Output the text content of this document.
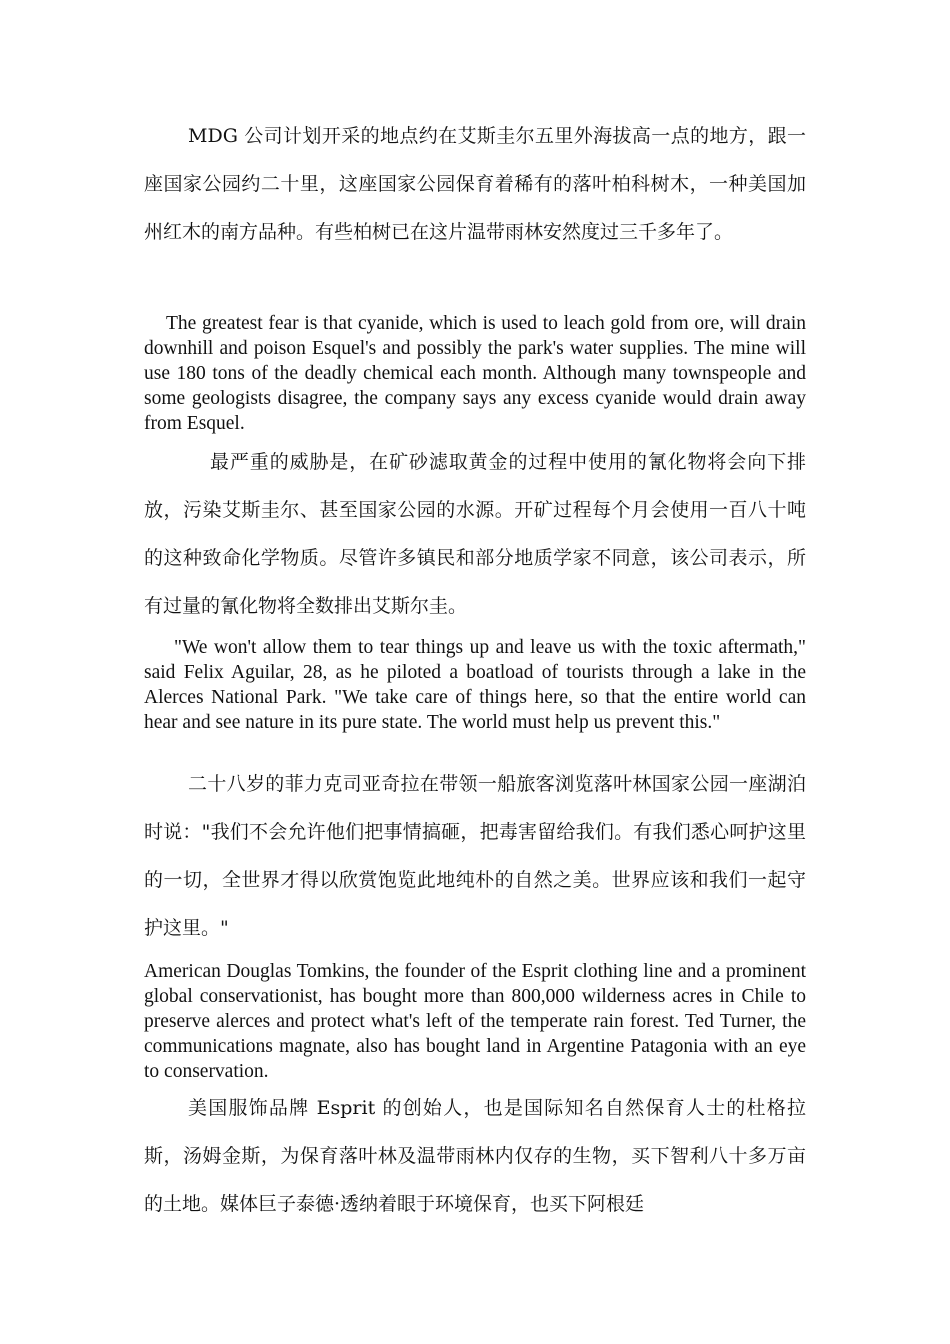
MDG 公司计划开采的地点约在艾斯圭尔五里外海拔高一点的地方，跟一座国家公园约二十里，这座国家公园保育着稀有的落叶柏科树木，一种美国加州红木的南方品种。有些柏树已在这片温带雨林安然度过三千多年了。

The greatest fear is that cyanide, which is used to leach gold from ore, will drain downhill and poison Esquel's and possibly the park's water supplies. The mine will use 180 tons of the deadly chemical each month. Although many townspeople and some geologists disagree, the company says any excess cyanide would drain away from Esquel.

最严重的威胁是，在矿砂滤取黄金的过程中使用的氰化物将会向下排放，污染艾斯圭尔、甚至国家公园的水源。开矿过程每个月会使用一百八十吨的这种致命化学物质。尽管许多镇民和部分地质学家不同意，该公司表示，所有过量的氰化物将全数排出艾斯尔圭。

"We won't allow them to tear things up and leave us with the toxic aftermath," said Felix Aguilar, 28, as he piloted a boatload of tourists through a lake in the Alerces National Park. "We take care of things here, so that the entire world can hear and see nature in its pure state. The world must help us prevent this."

二十八岁的菲力克司亚奇拉在带领一船旅客浏览落叶林国家公园一座湖泊时说："我们不会允许他们把事情搞砸，把毒害留给我们。有我们悉心呵护这里的一切，全世界才得以欣赏饱览此地纯朴的自然之美。世界应该和我们一起守护这里。"

American Douglas Tomkins, the founder of the Esprit clothing line and a prominent global conservationist, has bought more than 800,000 wilderness acres in Chile to preserve alerces and protect what's left of the temperate rain forest. Ted Turner, the communications magnate, also has bought land in Argentine Patagonia with an eye to conservation.

美国服饰品牌 Esprit 的创始人，也是国际知名自然保育人士的杜格拉斯，汤姆金斯，为保育落叶林及温带雨林内仅存的生物，买下智利八十多万亩的土地。媒体巨子泰德·透纳着眼于环境保育，也买下阿根廷
